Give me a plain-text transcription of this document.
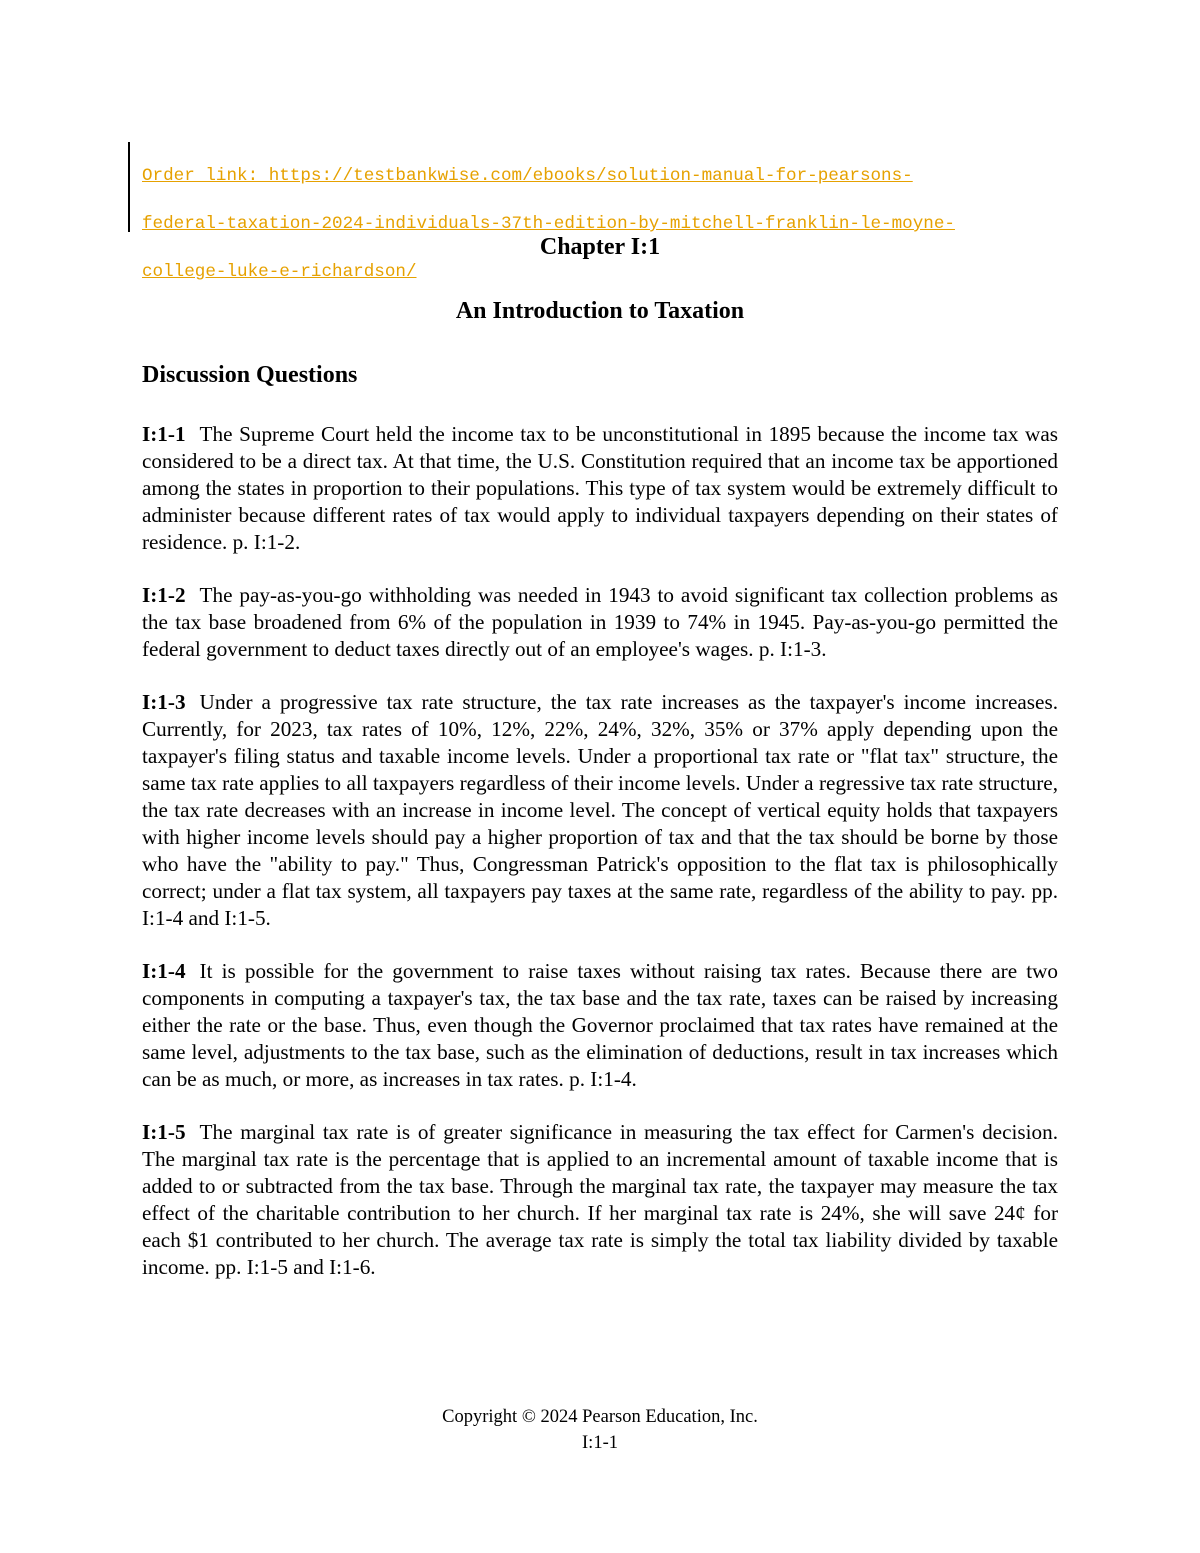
Order link: https://testbankwise.com/ebooks/solution-manual-for-pearsons-

federal-taxation-2024-individuals-37th-edition-by-mitchell-franklin-le-moyne-

college-luke-e-richardson/

Chapter I:1
An Introduction to Taxation
Discussion Questions

I:1-1 The Supreme Court held the income tax to be unconstitutional in 1895 because the income tax was considered to be a direct tax. At that time, the U.S. Constitution required that an income tax be apportioned among the states in proportion to their populations. This type of tax system would be extremely difficult to administer because different rates of tax would apply to individual taxpayers depending on their states of residence. p. I:1-2.

I:1-2 The pay-as-you-go withholding was needed in 1943 to avoid significant tax collection problems as the tax base broadened from 6% of the population in 1939 to 74% in 1945. Pay-as-you-go permitted the federal government to deduct taxes directly out of an employee's wages. p. I:1-3.

I:1-3 Under a progressive tax rate structure, the tax rate increases as the taxpayer's income increases. Currently, for 2023, tax rates of 10%, 12%, 22%, 24%, 32%, 35% or 37% apply depending upon the taxpayer's filing status and taxable income levels. Under a proportional tax rate or "flat tax" structure, the same tax rate applies to all taxpayers regardless of their income levels. Under a regressive tax rate structure, the tax rate decreases with an increase in income level. The concept of vertical equity holds that taxpayers with higher income levels should pay a higher proportion of tax and that the tax should be borne by those who have the "ability to pay." Thus, Congressman Patrick's opposition to the flat tax is philosophically correct; under a flat tax system, all taxpayers pay taxes at the same rate, regardless of the ability to pay. pp. I:1-4 and I:1-5.

I:1-4 It is possible for the government to raise taxes without raising tax rates. Because there are two components in computing a taxpayer's tax, the tax base and the tax rate, taxes can be raised by increasing either the rate or the base. Thus, even though the Governor proclaimed that tax rates have remained at the same level, adjustments to the tax base, such as the elimination of deductions, result in tax increases which can be as much, or more, as increases in tax rates. p. I:1-4.

I:1-5 The marginal tax rate is of greater significance in measuring the tax effect for Carmen's decision. The marginal tax rate is the percentage that is applied to an incremental amount of taxable income that is added to or subtracted from the tax base. Through the marginal tax rate, the taxpayer may measure the tax effect of the charitable contribution to her church. If her marginal tax rate is 24%, she will save 24¢ for each $1 contributed to her church. The average tax rate is simply the total tax liability divided by taxable income. pp. I:1-5 and I:1-6.

Copyright © 2024 Pearson Education, Inc.
I:1-1
